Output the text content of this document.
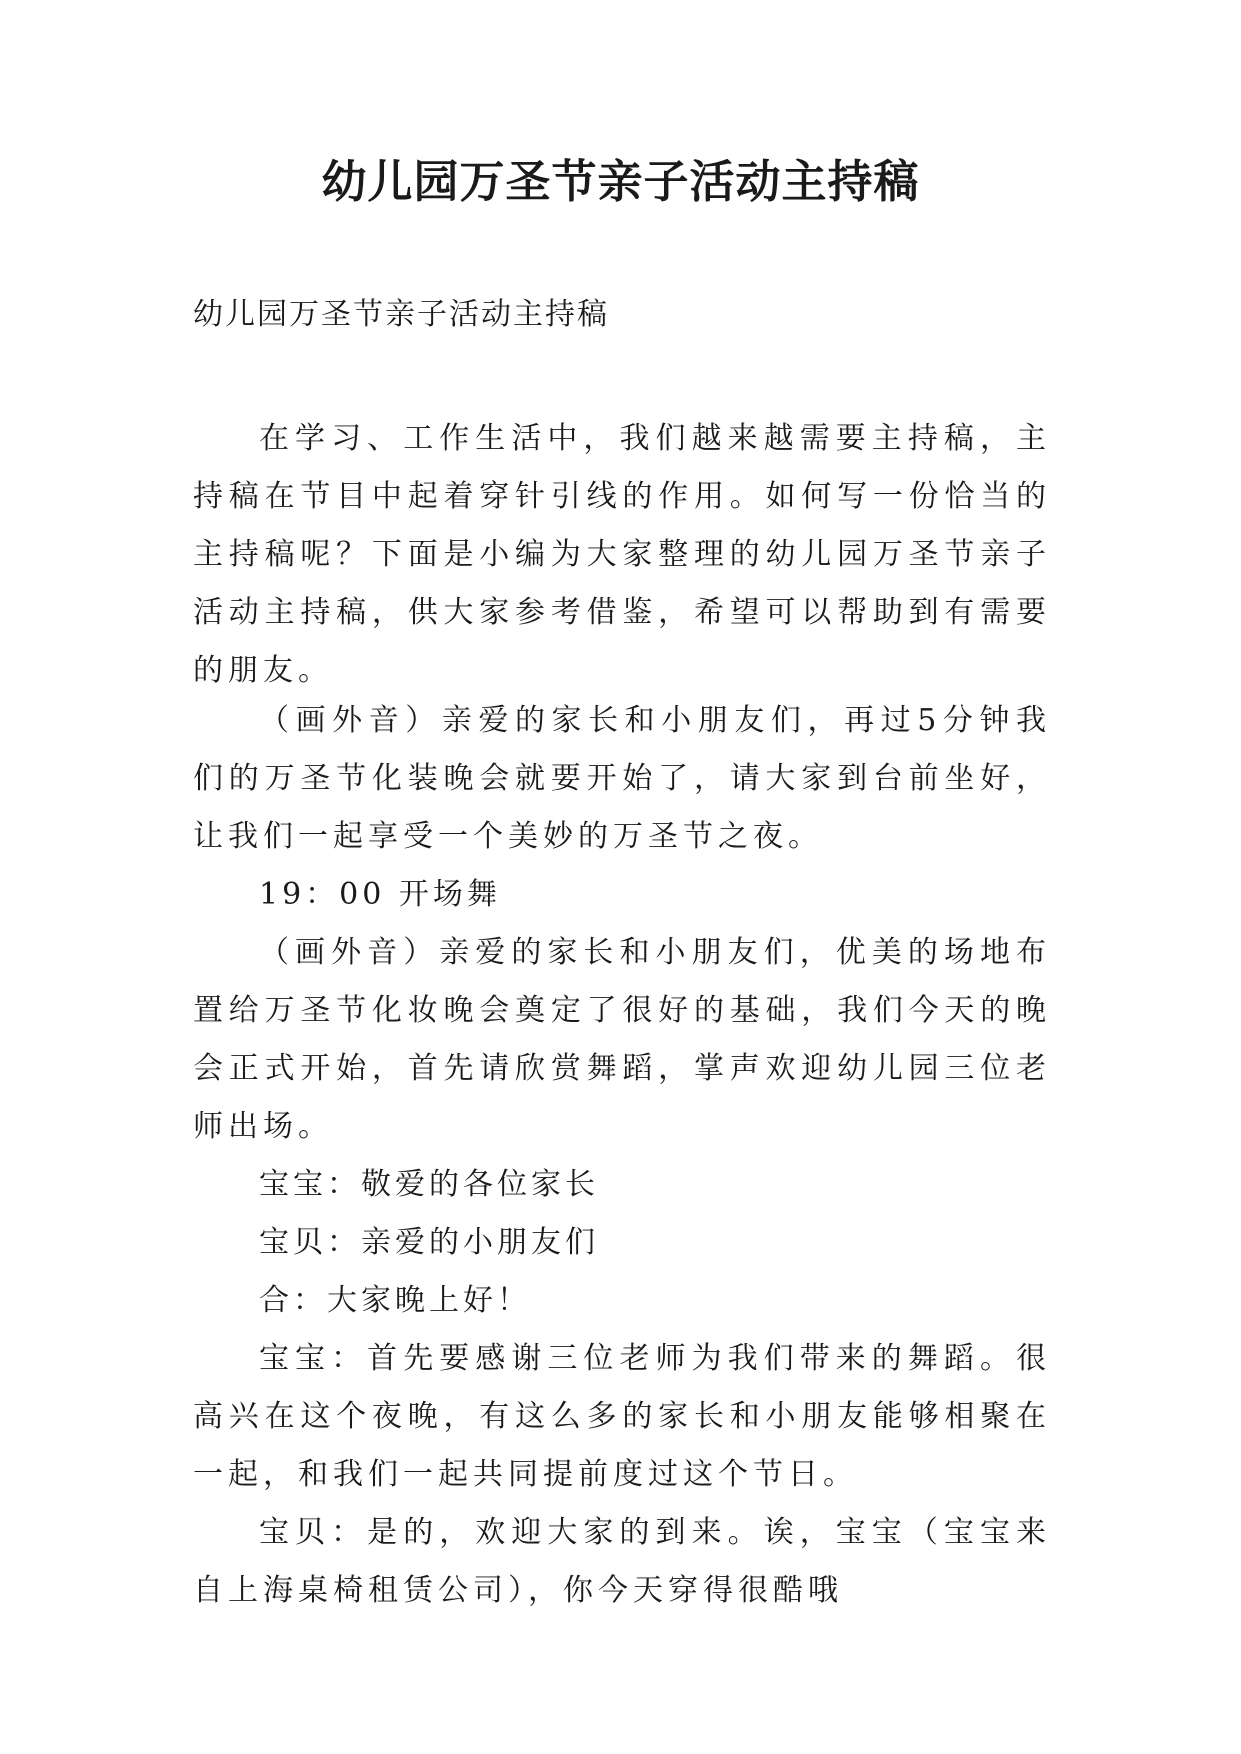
幼儿园万圣节亲子活动主持稿

幼儿园万圣节亲子活动主持稿

在学习、工作生活中，我们越来越需要主持稿，主持稿在节目中起着穿针引线的作用。如何写一份恰当的主持稿呢？下面是小编为大家整理的幼儿园万圣节亲子活动主持稿，供大家参考借鉴，希望可以帮助到有需要的朋友。

（画外音）亲爱的家长和小朋友们，再过5分钟我们的万圣节化装晚会就要开始了，请大家到台前坐好，让我们一起享受一个美妙的万圣节之夜。

19：00 开场舞

（画外音）亲爱的家长和小朋友们，优美的场地布置给万圣节化妆晚会奠定了很好的基础，我们今天的晚会正式开始，首先请欣赏舞蹈，掌声欢迎幼儿园三位老师出场。

宝宝：敬爱的各位家长

宝贝：亲爱的小朋友们

合：大家晚上好！

宝宝：首先要感谢三位老师为我们带来的舞蹈。很高兴在这个夜晚，有这么多的家长和小朋友能够相聚在一起，和我们一起共同提前度过这个节日。

宝贝：是的，欢迎大家的到来。诶，宝宝（宝宝来自上海桌椅租赁公司），你今天穿得很酷哦
